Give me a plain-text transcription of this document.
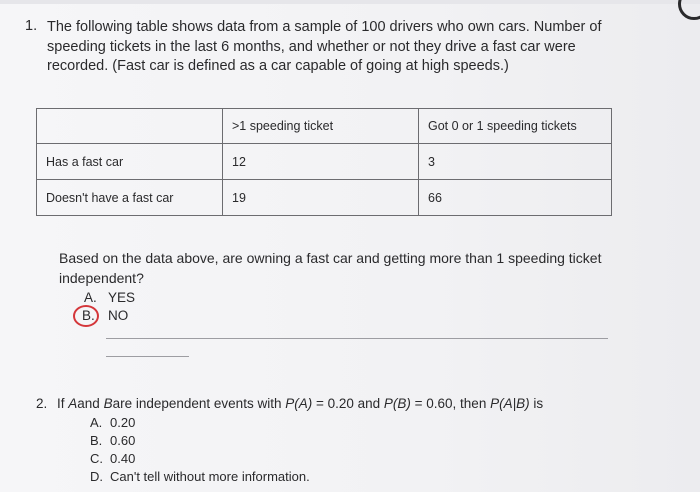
1. The following table shows data from a sample of 100 drivers who own cars. Number of speeding tickets in the last 6 months, and whether or not they drive a fast car were recorded. (Fast car is defined as a car capable of going at high speeds.)
	>1 speeding ticket	Got 0 or 1 speeding tickets
Has a fast car	12	3
Doesn't have a fast car	19	66
Based on the data above, are owning a fast car and getting more than 1 speeding ticket independent?
A. YES
B. NO
2. If Aand Bare independent events with P(A) = 0.20 and P(B) = 0.60, then P(A|B) is
A. 0.20
B. 0.60
C. 0.40
D. Can't tell without more information.
